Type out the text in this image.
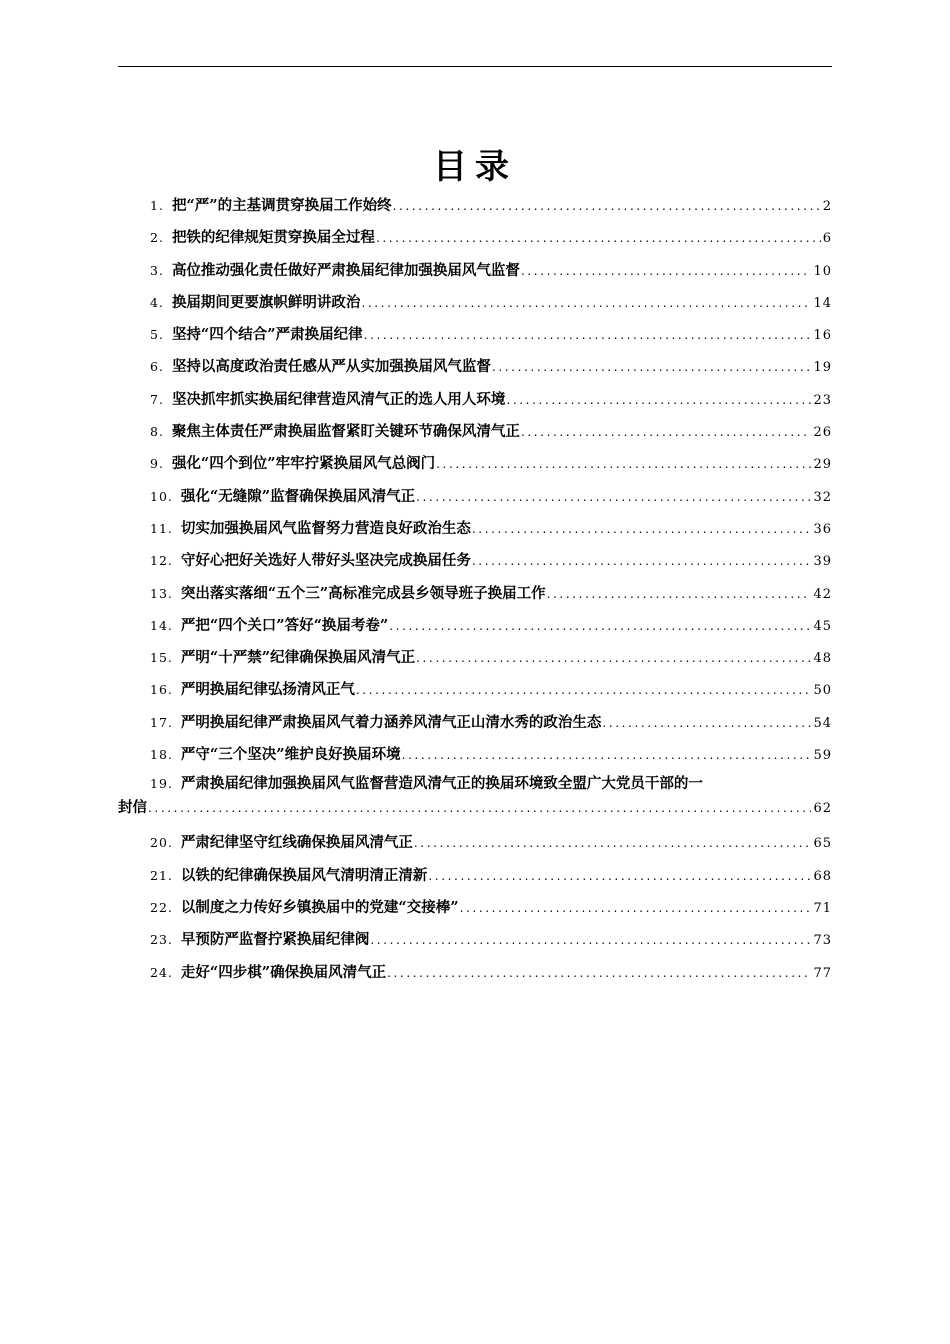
目录
1. 把“严”的主基调贯穿换届工作始终 .....	2
2. 把铁的纪律规矩贯穿换届全过程 .....	6
3. 高位推动强化责任做好严肃换届纪律加强换届风气监督 .....	10
4. 换届期间更要旗帜鲜明讲政治 .....	14
5. 坚持“四个结合”严肃换届纪律 .....	16
6. 坚持以高度政治责任感从严从实加强换届风气监督 .....	19
7. 坚决抓牢抓实换届纪律营造风清气正的选人用人环境 .....	23
8. 聚焦主体责任严肃换届监督紧盯关键环节确保风清气正 .....	26
9. 强化“四个到位”牢牢拧紧换届风气总阀门 .....	29
10. 强化“无缝隙”监督确保换届风清气正 .....	32
11. 切实加强换届风气监督努力营造良好政治生态 .....	36
12. 守好心把好关选好人带好头坚决完成换届任务 .....	39
13. 突出落实落细“五个三”高标准完成县乡领导班子换届工作 .....	42
14. 严把“四个关口”答好“换届考卷” .....	45
15. 严明“十严禁”纪律确保换届风清气正 .....	48
16. 严明换届纪律弘扬清风正气 .....	50
17. 严明换届纪律严肃换届风气着力涵养风清气正山清水秀的政治生态 .....	54
18. 严守“三个坚决”维护良好换届环境 .....	59
19. 严肃换届纪律加强换届风气监督营造风清气正的换届环境致全盟广大党员干部的一
封信 .....	62
20. 严肃纪律坚守红线确保换届风清气正 .....	65
21. 以铁的纪律确保换届风气清明清正清新 .....	68
22. 以制度之力传好乡镇换届中的党建“交接棒” .....	71
23. 早预防严监督拧紧换届纪律阀 .....	73
24. 走好“四步棋”确保换届风清气正 .....	77
